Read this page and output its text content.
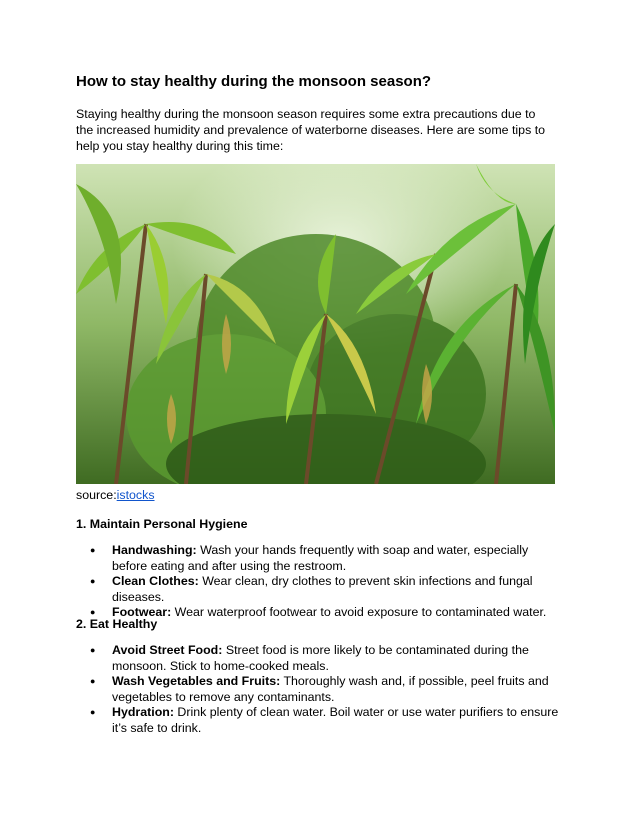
How to stay healthy during the monsoon season?

Staying healthy during the monsoon season requires some extra precautions due to the increased humidity and prevalence of waterborne diseases. Here are some tips to help you stay healthy during this time:

source:istocks
1. Maintain Personal Hygiene
● Handwashing: Wash your hands frequently with soap and water, especially before eating and after using the restroom.
● Clean Clothes: Wear clean, dry clothes to prevent skin infections and fungal diseases.
● Footwear: Wear waterproof footwear to avoid exposure to contaminated water.
2. Eat Healthy
● Avoid Street Food: Street food is more likely to be contaminated during the monsoon. Stick to home-cooked meals.
● Wash Vegetables and Fruits: Thoroughly wash and, if possible, peel fruits and vegetables to remove any contaminants.
● Hydration: Drink plenty of clean water. Boil water or use water purifiers to ensure it’s safe to drink.
